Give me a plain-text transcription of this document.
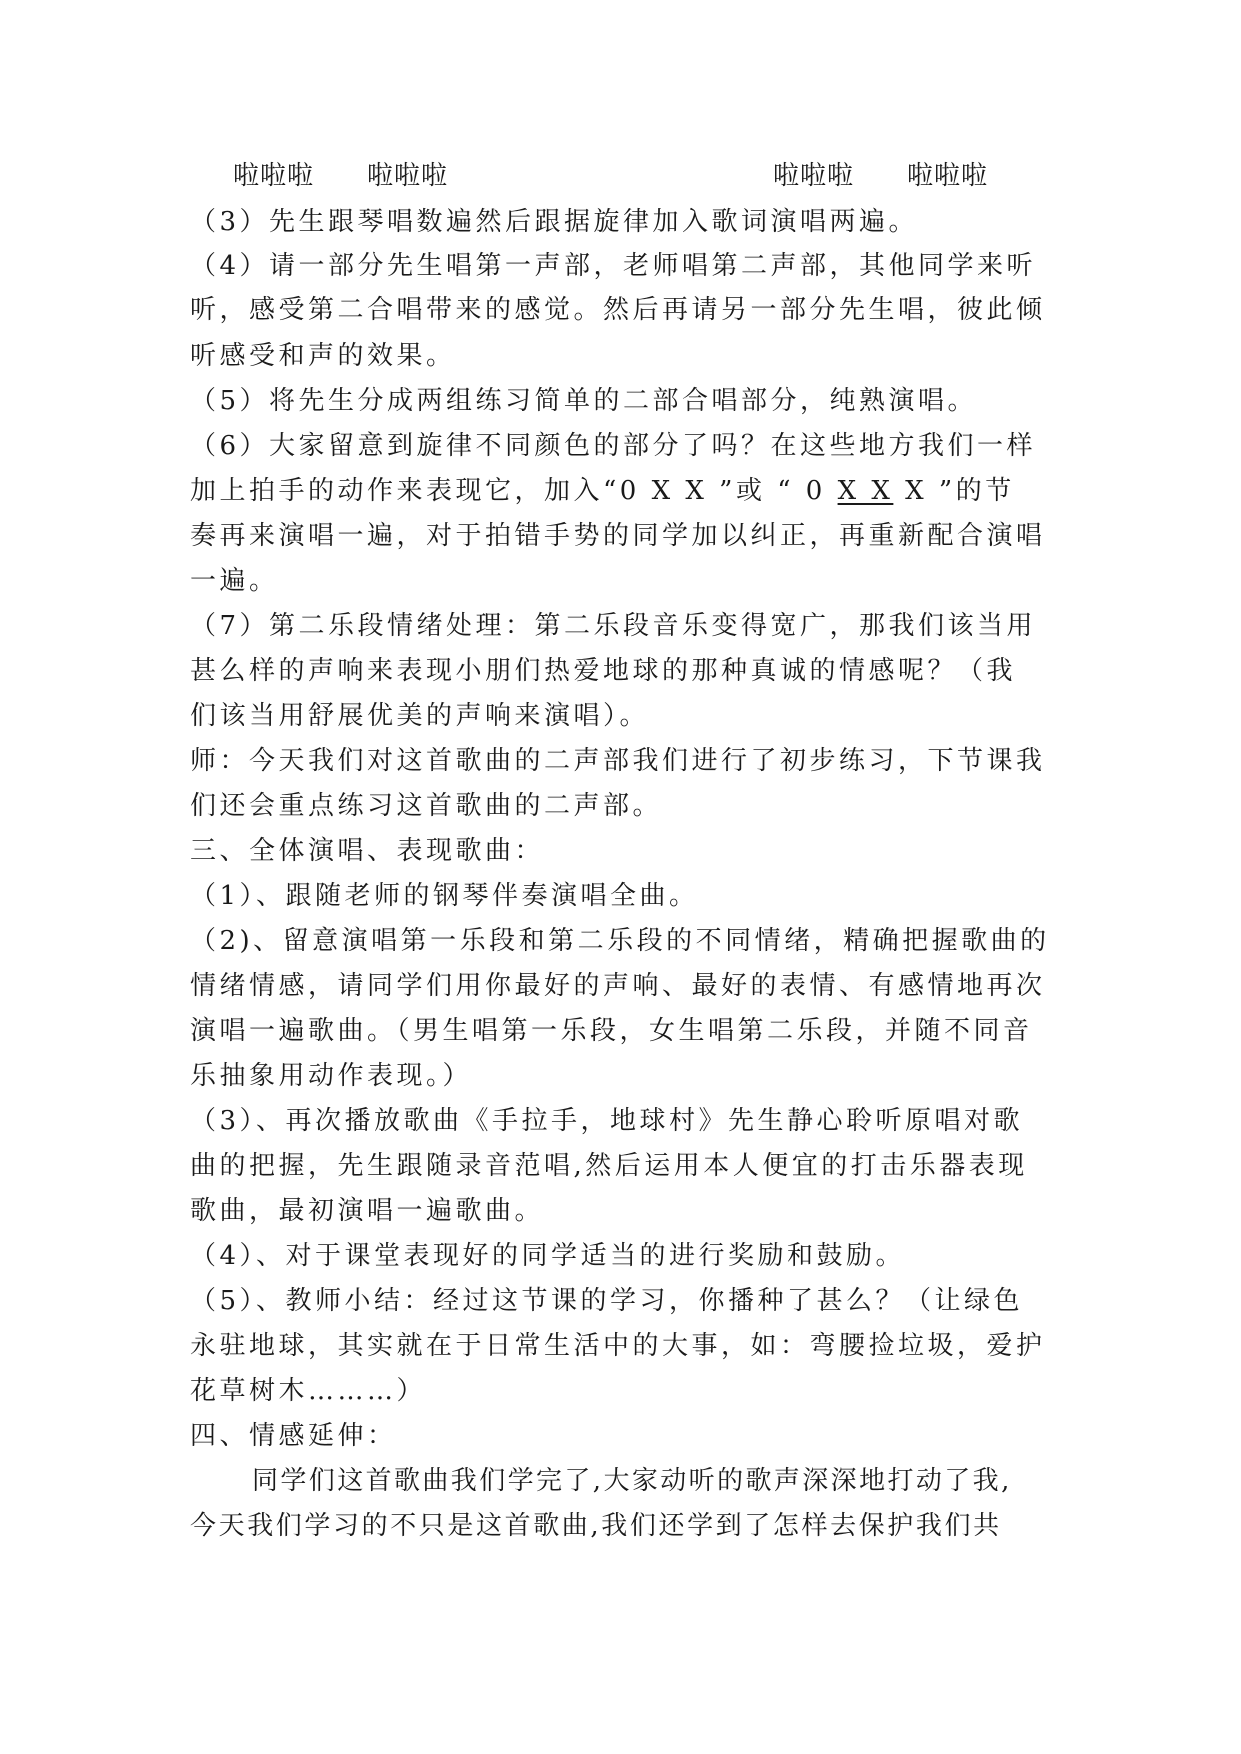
啦啦啦 啦啦啦	啦啦啦 啦啦啦
（3）先生跟琴唱数遍然后跟据旋律加入歌词演唱两遍。
（4）请一部分先生唱第一声部，老师唱第二声部，其他同学来听
听，感受第二合唱带来的感觉。然后再请另一部分先生唱，彼此倾
听感受和声的效果。
（5）将先生分成两组练习简单的二部合唱部分，纯熟演唱。
（6）大家留意到旋律不同颜色的部分了吗？在这些地方我们一样
加上拍手的动作来表现它，加入“0 X X ”或 “ 0 X X X ”的节
奏再来演唱一遍，对于拍错手势的同学加以纠正，再重新配合演唱
一遍。
（7）第二乐段情绪处理：第二乐段音乐变得宽广，那我们该当用
甚么样的声响来表现小朋们热爱地球的那种真诚的情感呢？（我
们该当用舒展优美的声响来演唱）。
师：今天我们对这首歌曲的二声部我们进行了初步练习，下节课我
们还会重点练习这首歌曲的二声部。
三、全体演唱、表现歌曲：
（1）、跟随老师的钢琴伴奏演唱全曲。
（2)、留意演唱第一乐段和第二乐段的不同情绪，精确把握歌曲的
情绪情感，请同学们用你最好的声响、最好的表情、有感情地再次
演唱一遍歌曲。（男生唱第一乐段，女生唱第二乐段，并随不同音
乐抽象用动作表现。）
（3）、再次播放歌曲《手拉手，地球村》先生静心聆听原唱对歌
曲的把握，先生跟随录音范唱,然后运用本人便宜的打击乐器表现
歌曲，最初演唱一遍歌曲。
（4）、对于课堂表现好的同学适当的进行奖励和鼓励。
（5）、教师小结：经过这节课的学习，你播种了甚么？（让绿色
永驻地球，其实就在于日常生活中的大事，如：弯腰捡垃圾，爱护
花草树木………）
四、情感延伸：
同学们这首歌曲我们学完了,大家动听的歌声深深地打动了我,
今天我们学习的不只是这首歌曲,我们还学到了怎样去保护我们共
